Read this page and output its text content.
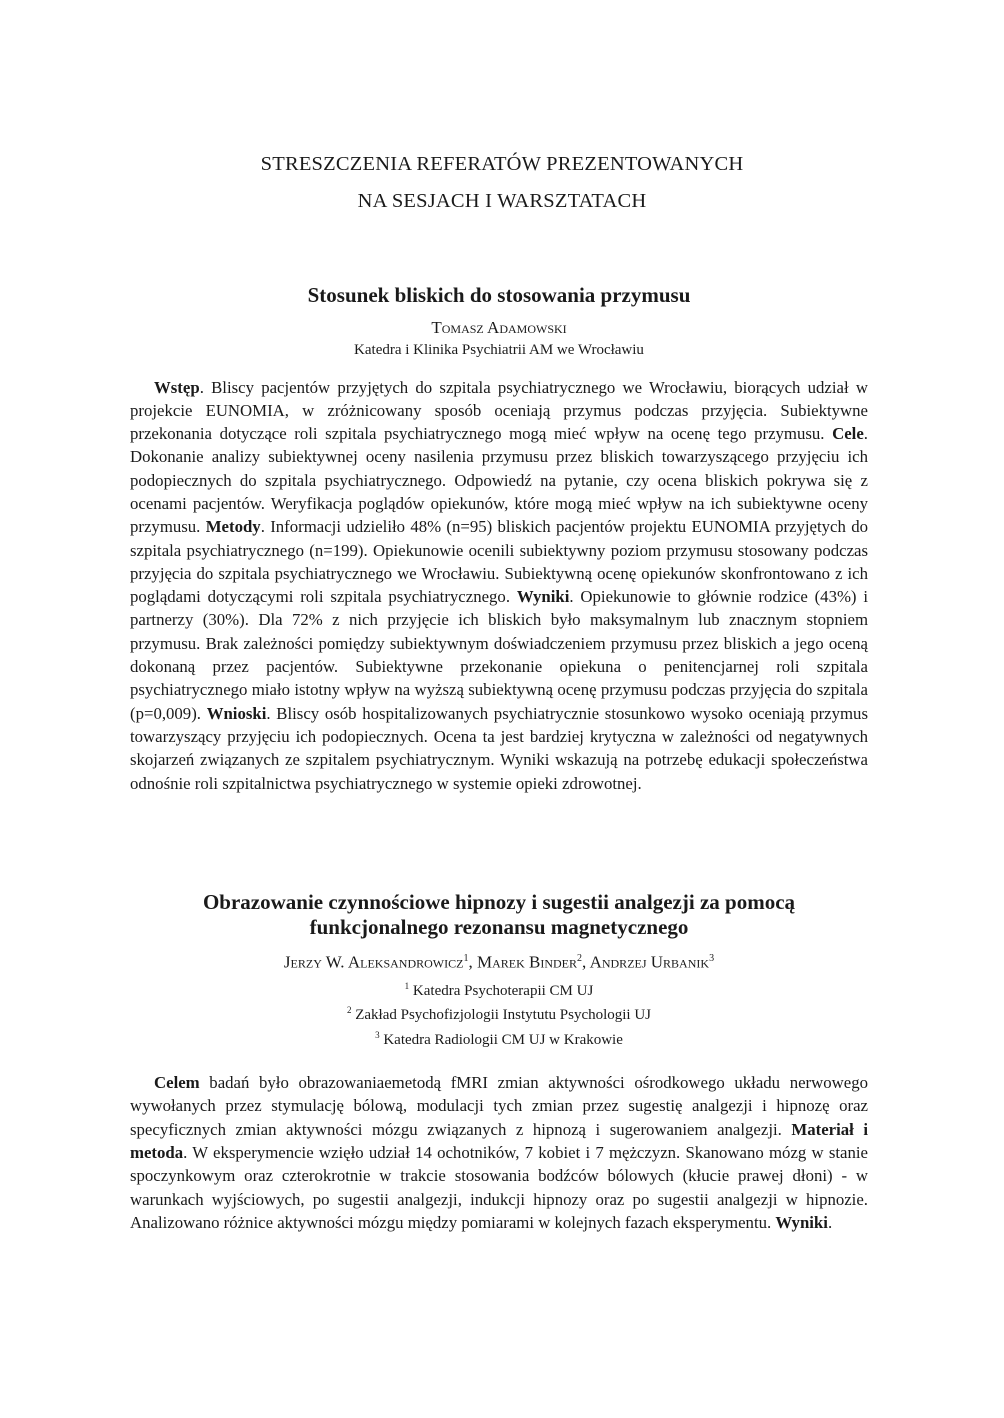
STRESZCZENIA REFERATÓW PREZENTOWANYCH
NA SESJACH I WARSZTATACH
Stosunek bliskich do stosowania przymusu
Tomasz Adamowski
Katedra i Klinika Psychiatrii AM we Wrocławiu

Wstęp. Bliscy pacjentów przyjętych do szpitala psychiatrycznego we Wrocławiu, biorących udział w projekcie EUNOMIA, w zróżnicowany sposób oceniają przymus podczas przyjęcia. Subiektywne przekonania dotyczące roli szpitala psychiatrycznego mogą mieć wpływ na ocenę tego przymusu. Cele. Dokonanie analizy subiektywnej oceny nasilenia przymusu przez bliskich towarzyszącego przyjęciu ich podopiecznych do szpitala psychiatrycznego. Odpowiedź na pytanie, czy ocena bliskich pokrywa się z ocenami pacjentów. Weryfikacja poglądów opiekunów, które mogą mieć wpływ na ich subiektywne oceny przymusu. Metody. Informacji udzieliło 48% (n=95) bliskich pacjentów projektu EUNOMIA przyjętych do szpitala psychiatrycznego (n=199). Opiekunowie ocenili subiektywny poziom przymusu stosowany podczas przyjęcia do szpitala psychiatrycznego we Wrocławiu. Subiektywną ocenę opiekunów skonfrontowano z ich poglądami dotyczącymi roli szpitala psychiatrycznego. Wyniki. Opiekunowie to głównie rodzice (43%) i partnerzy (30%). Dla 72% z nich przyjęcie ich bliskich było maksymalnym lub znacznym stopniem przymusu. Brak zależności pomiędzy subiektywnym doświadczeniem przymusu przez bliskich a jego oceną dokonaną przez pacjentów. Subiektywne przekonanie opiekuna o penitencjarnej roli szpitala psychiatrycznego miało istotny wpływ na wyższą subiektywną ocenę przymusu podczas przyjęcia do szpitala (p=0,009). Wnioski. Bliscy osób hospitalizowanych psychiatrycznie stosunkowo wysoko oceniają przymus towarzyszący przyjęciu ich podopiecznych. Ocena ta jest bardziej krytyczna w zależności od negatywnych skojarzeń związanych ze szpitalem psychiatrycznym. Wyniki wskazują na potrzebę edukacji społeczeństwa odnośnie roli szpitalnictwa psychiatrycznego w systemie opieki zdrowotnej.

Obrazowanie czynnościowe hipnozy i sugestii analgezji za pomocą
funkcjonalnego rezonansu magnetycznego
Jerzy W. Aleksandrowicz$^1$, Marek Binder$^2$, Andrzej Urbanik$^3$
$^1$ Katedra Psychoterapii CM UJ
$^2$ Zakład Psychofizjologii Instytutu Psychologii UJ
$^3$ Katedra Radiologii CM UJ w Krakowie

Celem badań było obrazowaniaemetodą fMRI zmian aktywności ośrodkowego układu nerwowego wywołanych przez stymulację bólową, modulacji tych zmian przez sugestię analgezji i hipnozę oraz specyficznych zmian aktywności mózgu związanych z hipnozą i sugerowaniem analgezji. Materiał i metoda. W eksperymencie wzięło udział 14 ochotników, 7 kobiet i 7 mężczyzn. Skanowano mózg w stanie spoczynkowym oraz czterokrotnie w trakcie stosowania bodźców bólowych (kłucie prawej dłoni) - w warunkach wyjściowych, po sugestii analgezji, indukcji hipnozy oraz po sugestii analgezji w hipnozie. Analizowano różnice aktywności mózgu między pomiarami w kolejnych fazach eksperymentu. Wyniki.
